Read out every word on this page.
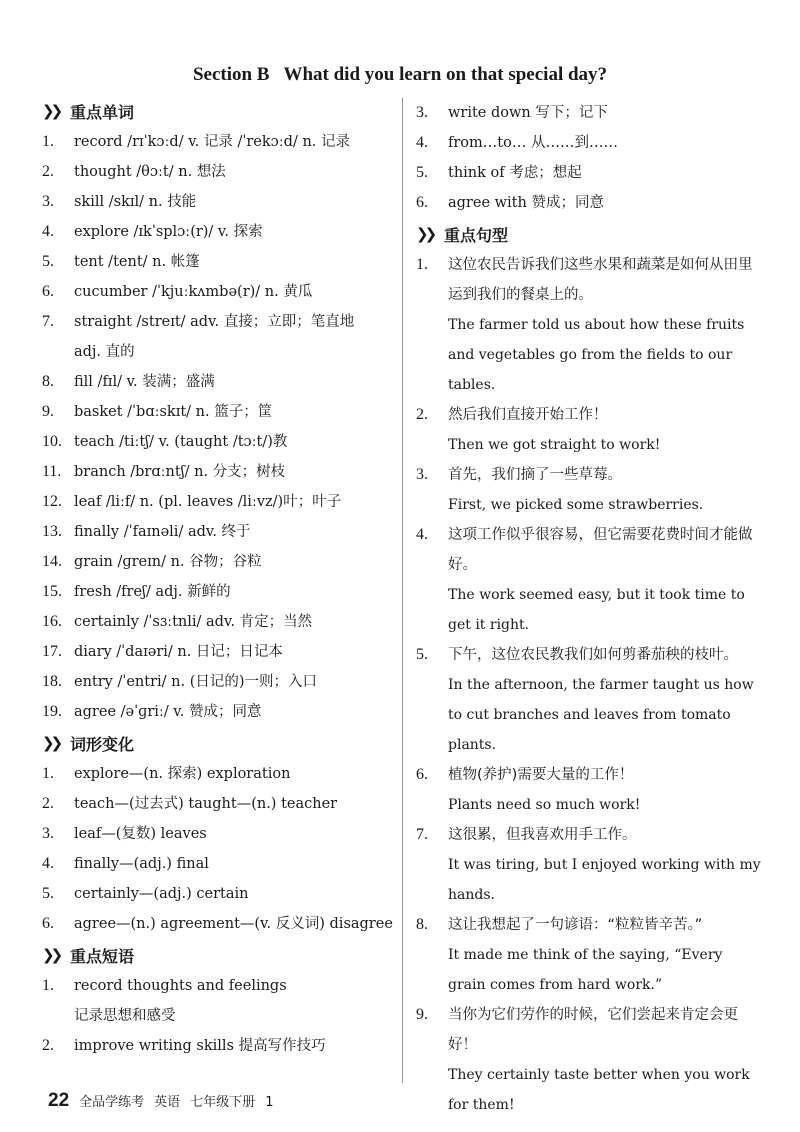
Section B What did you learn on that special day?
❯❯ 重点单词
1.	record /rɪˈkɔːd/ v. 记录 /ˈrekɔːd/ n. 记录
2.	thought /θɔːt/ n. 想法
3.	skill /skɪl/ n. 技能
4.	explore /ɪkˈsplɔː(r)/ v. 探索
5.	tent /tent/ n. 帐篷
6.	cucumber /ˈkjuːkʌmbə(r)/ n. 黄瓜
7.	straight /streɪt/ adv. 直接；立即；笔直地
adj. 直的
8.	fill /fɪl/ v. 装满；盛满
9.	basket /ˈbɑːskɪt/ n. 篮子；筐
10. teach /tiːtʃ/ v. (taught /tɔːt/)教
11. branch /brɑːntʃ/ n. 分支；树枝
12. leaf /liːf/ n. (pl. leaves /liːvz/)叶；叶子
13. finally /ˈfaɪnəli/ adv. 终于
14. grain /ɡreɪn/ n. 谷物；谷粒
15. fresh /freʃ/ adj. 新鲜的
16. certainly /ˈsɜːtnli/ adv. 肯定；当然
17. diary /ˈdaɪəri/ n. 日记；日记本
18. entry /ˈentri/ n. (日记的)一则；入口
19. agree /əˈɡriː/ v. 赞成；同意
❯❯ 词形变化
1.	explore—(n. 探索) exploration
2.	teach—(过去式) taught—(n.) teacher
3.	leaf—(复数) leaves
4.	finally—(adj.) final
5.	certainly—(adj.) certain
6.	agree—(n.) agreement—(v. 反义词) disagree
❯❯ 重点短语
1.	record thoughts and feelings
记录思想和感受
2.	improve writing skills 提高写作技巧
3.	write down 写下；记下
4.	from…to… 从……到……
5.	think of 考虑；想起
6.	agree with 赞成；同意
❯❯ 重点句型
1.	这位农民告诉我们这些水果和蔬菜是如何从田里运到我们的餐桌上的。
The farmer told us about how these fruits and vegetables go from the fields to our tables.
2.	然后我们直接开始工作！
Then we got straight to work!
3.	首先，我们摘了一些草莓。
First, we picked some strawberries.
4.	这项工作似乎很容易，但它需要花费时间才能做好。
The work seemed easy, but it took time to get it right.
5.	下午，这位农民教我们如何剪番茄秧的枝叶。
In the afternoon, the farmer taught us how to cut branches and leaves from tomato plants.
6.	植物(养护)需要大量的工作！
Plants need so much work!
7.	这很累，但我喜欢用手工作。
It was tiring, but I enjoyed working with my hands.
8.	这让我想起了一句谚语：“粒粒皆辛苦。”
It made me think of the saying, “Every grain comes from hard work.”
9.	当你为它们劳作的时候，它们尝起来肯定会更好！
They certainly taste better when you work for them!
22 全品学练考 英语 七年级下册 1
